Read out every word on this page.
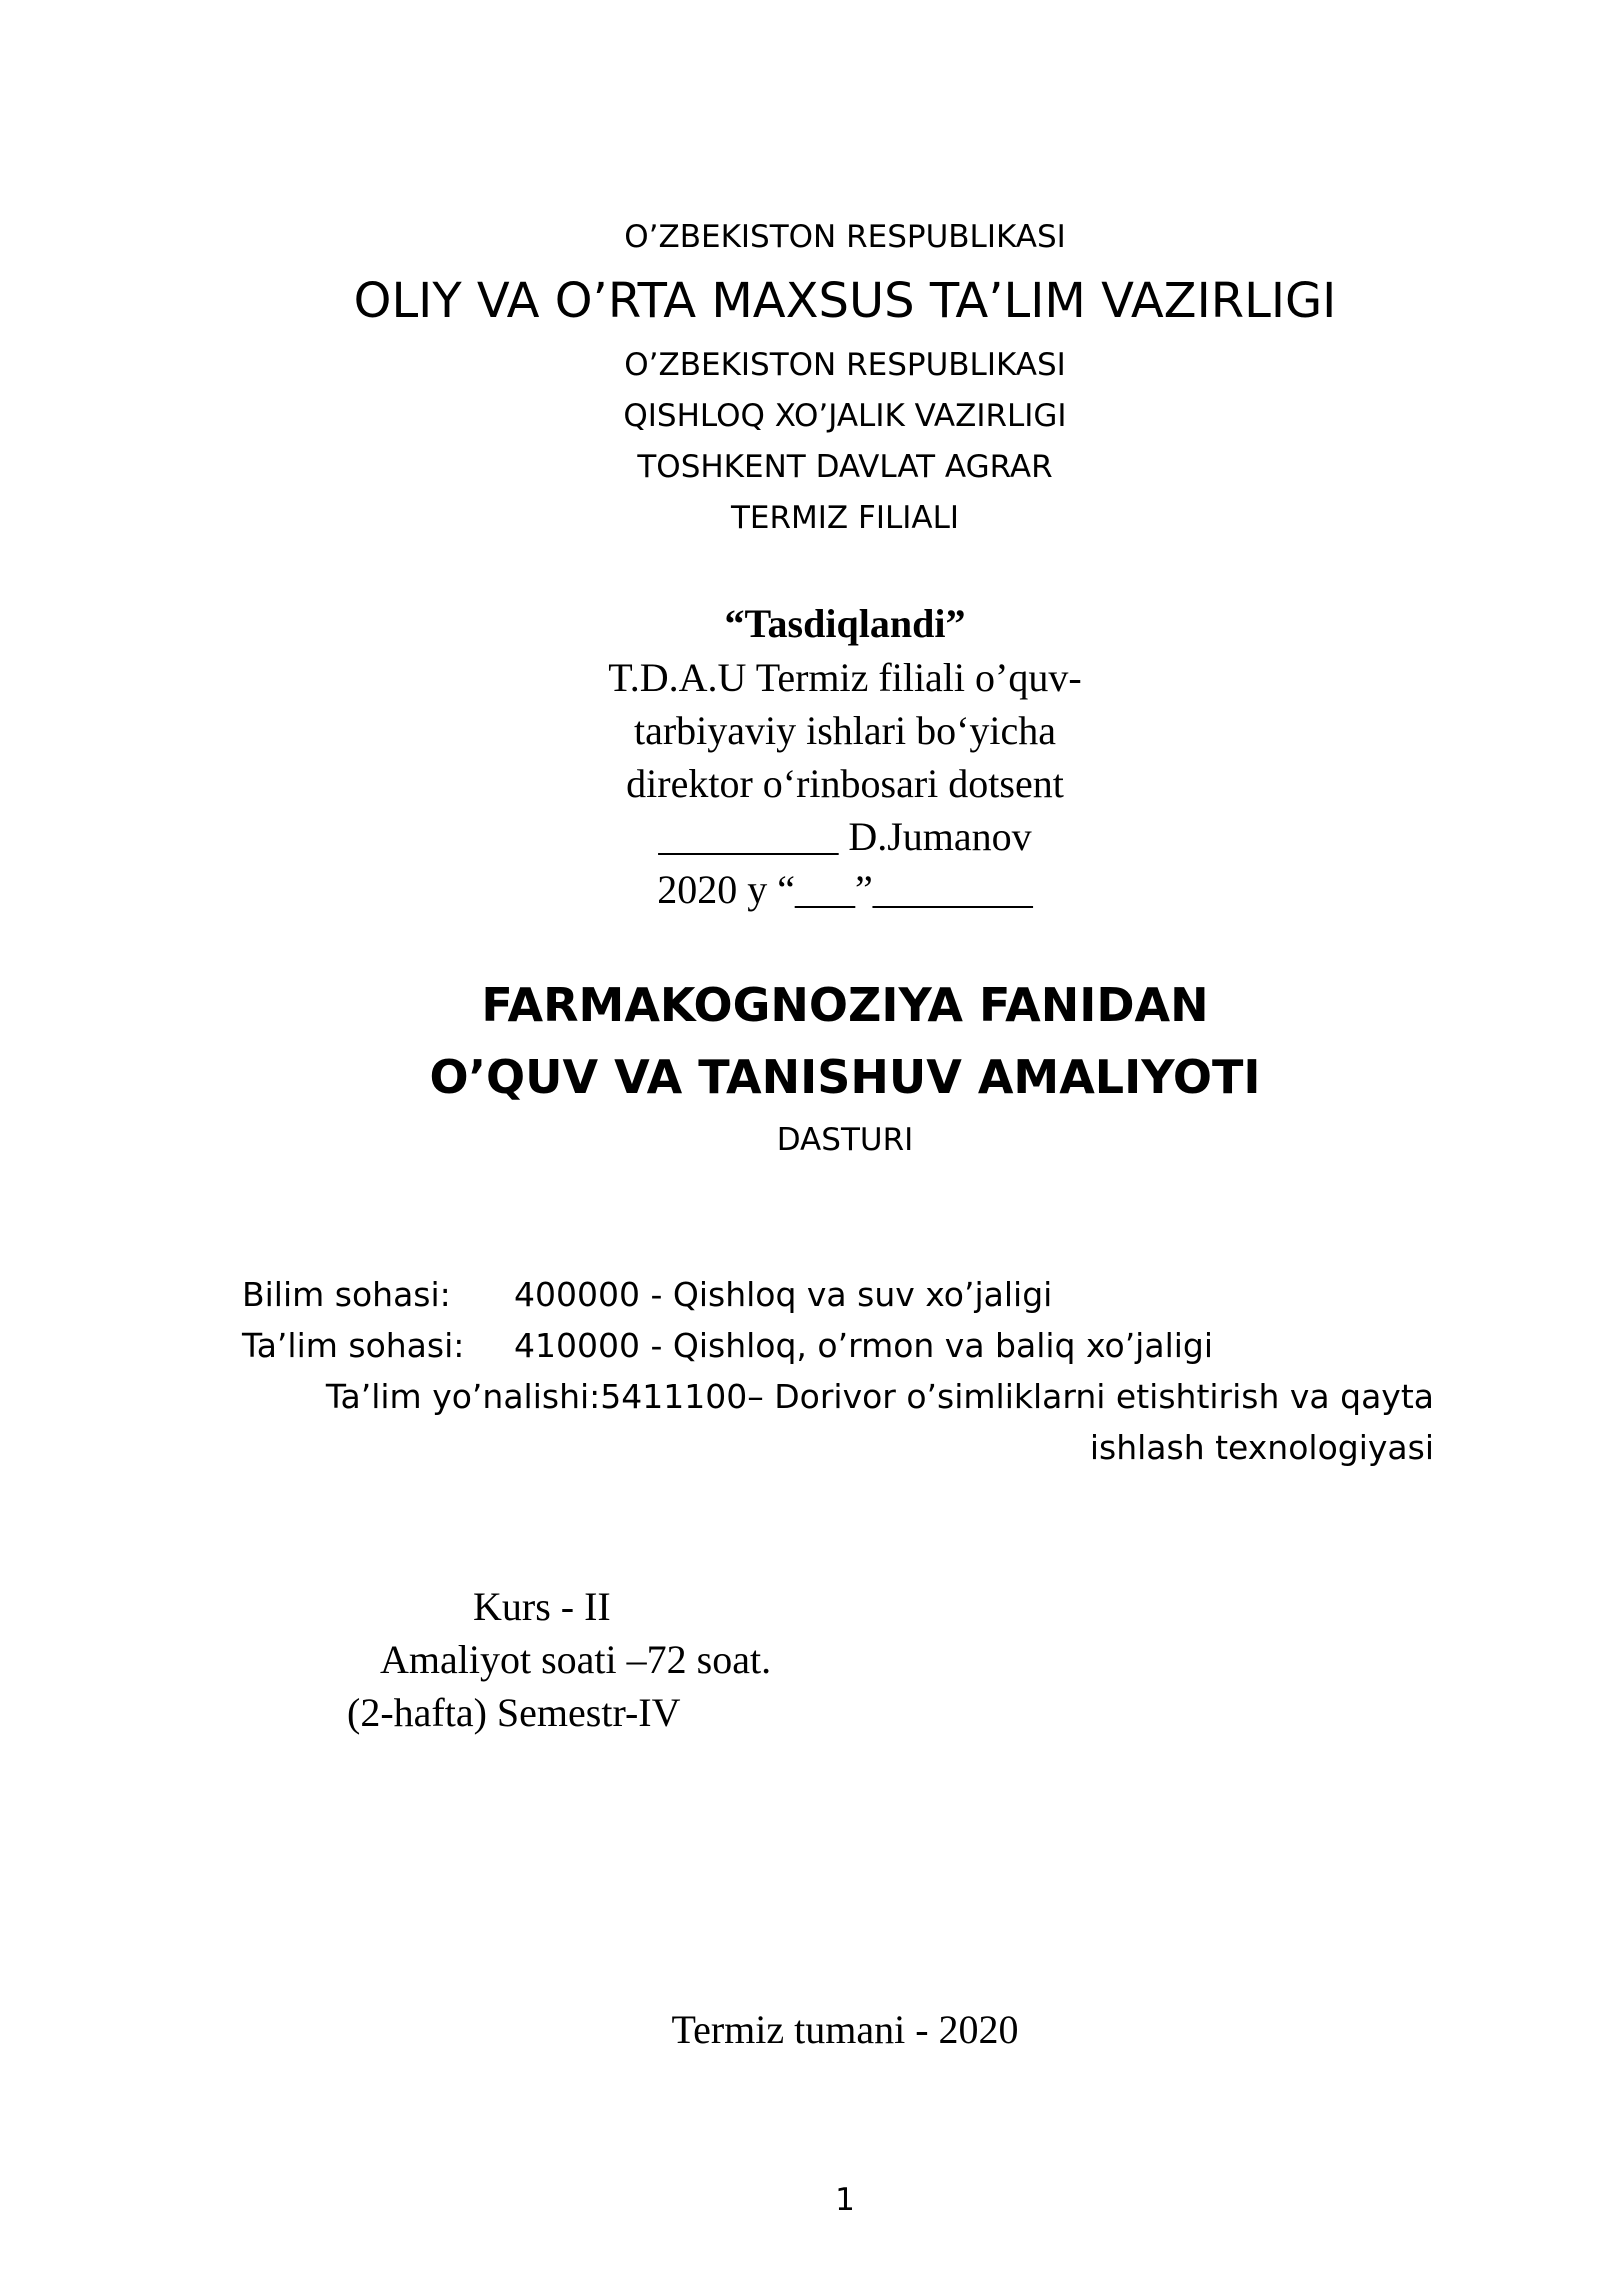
O’ZBEKISTON RESPUBLIKASI
OLIY VA O’RTA MAXSUS TA’LIM VAZIRLIGI
O’ZBEKISTON RESPUBLIKASI
QISHLOQ XO’JALIK VAZIRLIGI
TOSHKENT DAVLAT AGRAR
TERMIZ FILIALI
“Tasdiqlandi”
T.D.A.U Termiz filiali o’quv-
tarbiyaviy ishlari bo‘yicha
direktor o‘rinbosari dotsent
_________ D.Jumanov
2020 y “___”________
FARMAKOGNOZIYA FANIDAN
O’QUV VA TANISHUV AMALIYOTI
DASTURI
Bilim sohasi: 400000 - Qishloq va suv xo’jaligi
Ta’lim sohasi: 410000 - Qishloq, o’rmon va baliq xo’jaligi
Ta’lim yo’nalishi:5411100– Dorivor o’simliklarni etishtirish va qayta
ishlash texnologiyasi
Kurs - II
Amaliyot soati –72 soat.
(2-hafta) Semestr-IV
Termiz tumani - 2020
1
